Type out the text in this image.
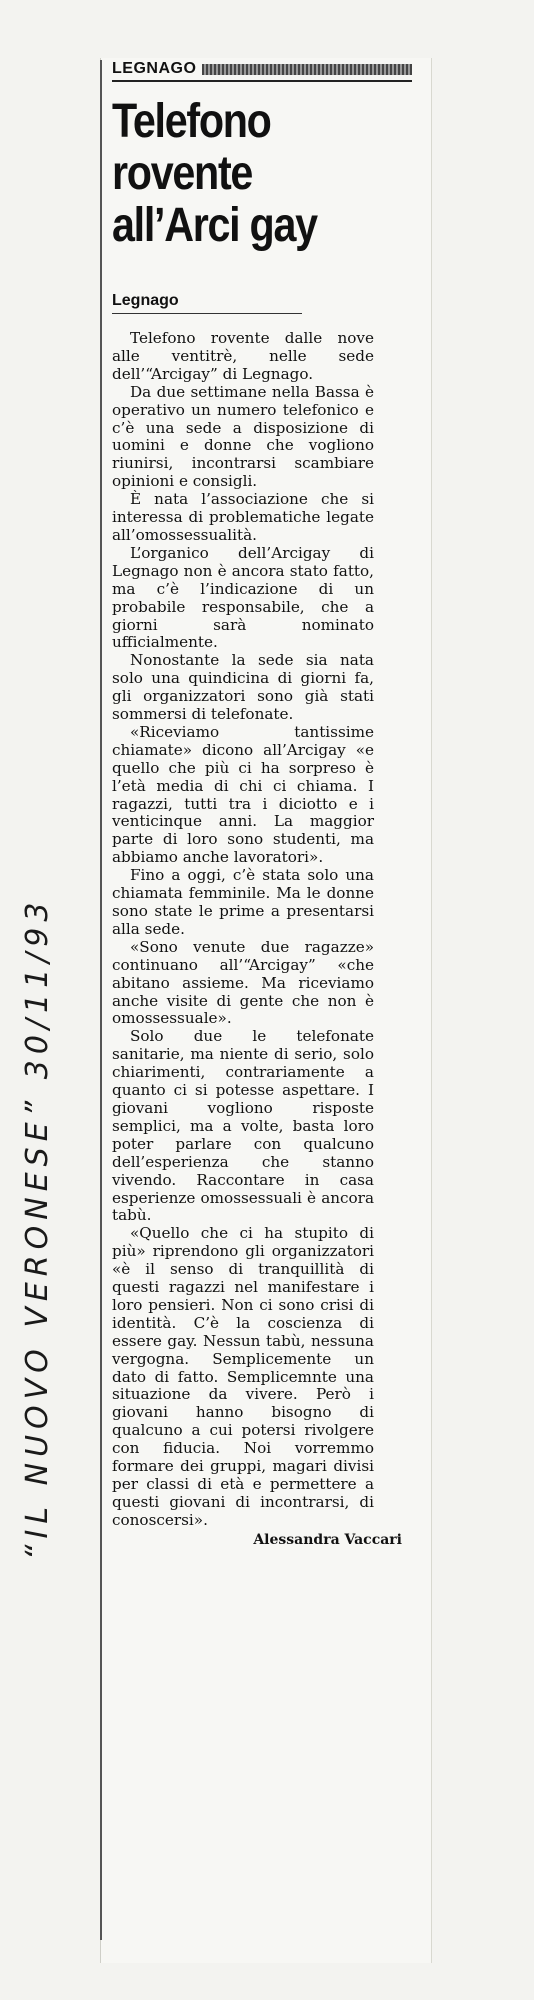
LEGNAGO
Telefono
rovente
all’Arci gay
Legnago

Telefono rovente dalle nove alle ventitrè, nelle sede dell’“Arcigay” di Legnago.

Da due settimane nella Bassa è operativo un numero telefonico e c’è una sede a disposizione di uomini e donne che vogliono riunirsi, incontrarsi scambiare opinioni e consigli.

È nata l’associazione che si interessa di problematiche legate all’omossessualità.

L’organico dell’Arcigay di Legnago non è ancora stato fatto, ma c’è l’indicazione di un probabile responsabile, che a giorni sarà nominato ufficialmente.

Nonostante la sede sia nata solo una quindicina di giorni fa, gli organizzatori sono già stati sommersi di telefonate.

«Riceviamo tantissime chiamate» dicono all’Arcigay «e quello che più ci ha sorpreso è l’età media di chi ci chiama. I ragazzi, tutti tra i diciotto e i venticinque anni. La maggior parte di loro sono studenti, ma abbiamo anche lavoratori».

Fino a oggi, c’è stata solo una chiamata femminile. Ma le donne sono state le prime a presentarsi alla sede.

«Sono venute due ragazze» continuano all’“Arcigay” «che abitano assieme. Ma riceviamo anche visite di gente che non è omossessuale».

Solo due le telefonate sanitarie, ma niente di serio, solo chiarimenti, contrariamente a quanto ci si potesse aspettare. I giovani vogliono risposte semplici, ma a volte, basta loro poter parlare con qualcuno dell’esperienza che stanno vivendo. Raccontare in casa esperienze omossessuali è ancora tabù.

«Quello che ci ha stupito di più» riprendono gli organizzatori «è il senso di tranquillità di questi ragazzi nel manifestare i loro pensieri. Non ci sono crisi di identità. C’è la coscienza di essere gay. Nessun tabù, nessuna vergogna. Semplicemente un dato di fatto. Semplicemnte una situazione da vivere. Però i giovani hanno bisogno di qualcuno a cui potersi rivolgere con fiducia. Noi vorremmo formare dei gruppi, magari divisi per classi di età e permettere a questi giovani di incontrarsi, di conoscersi».

Alessandra Vaccari
“IL NUOVO VERONESE” 30/11/93
